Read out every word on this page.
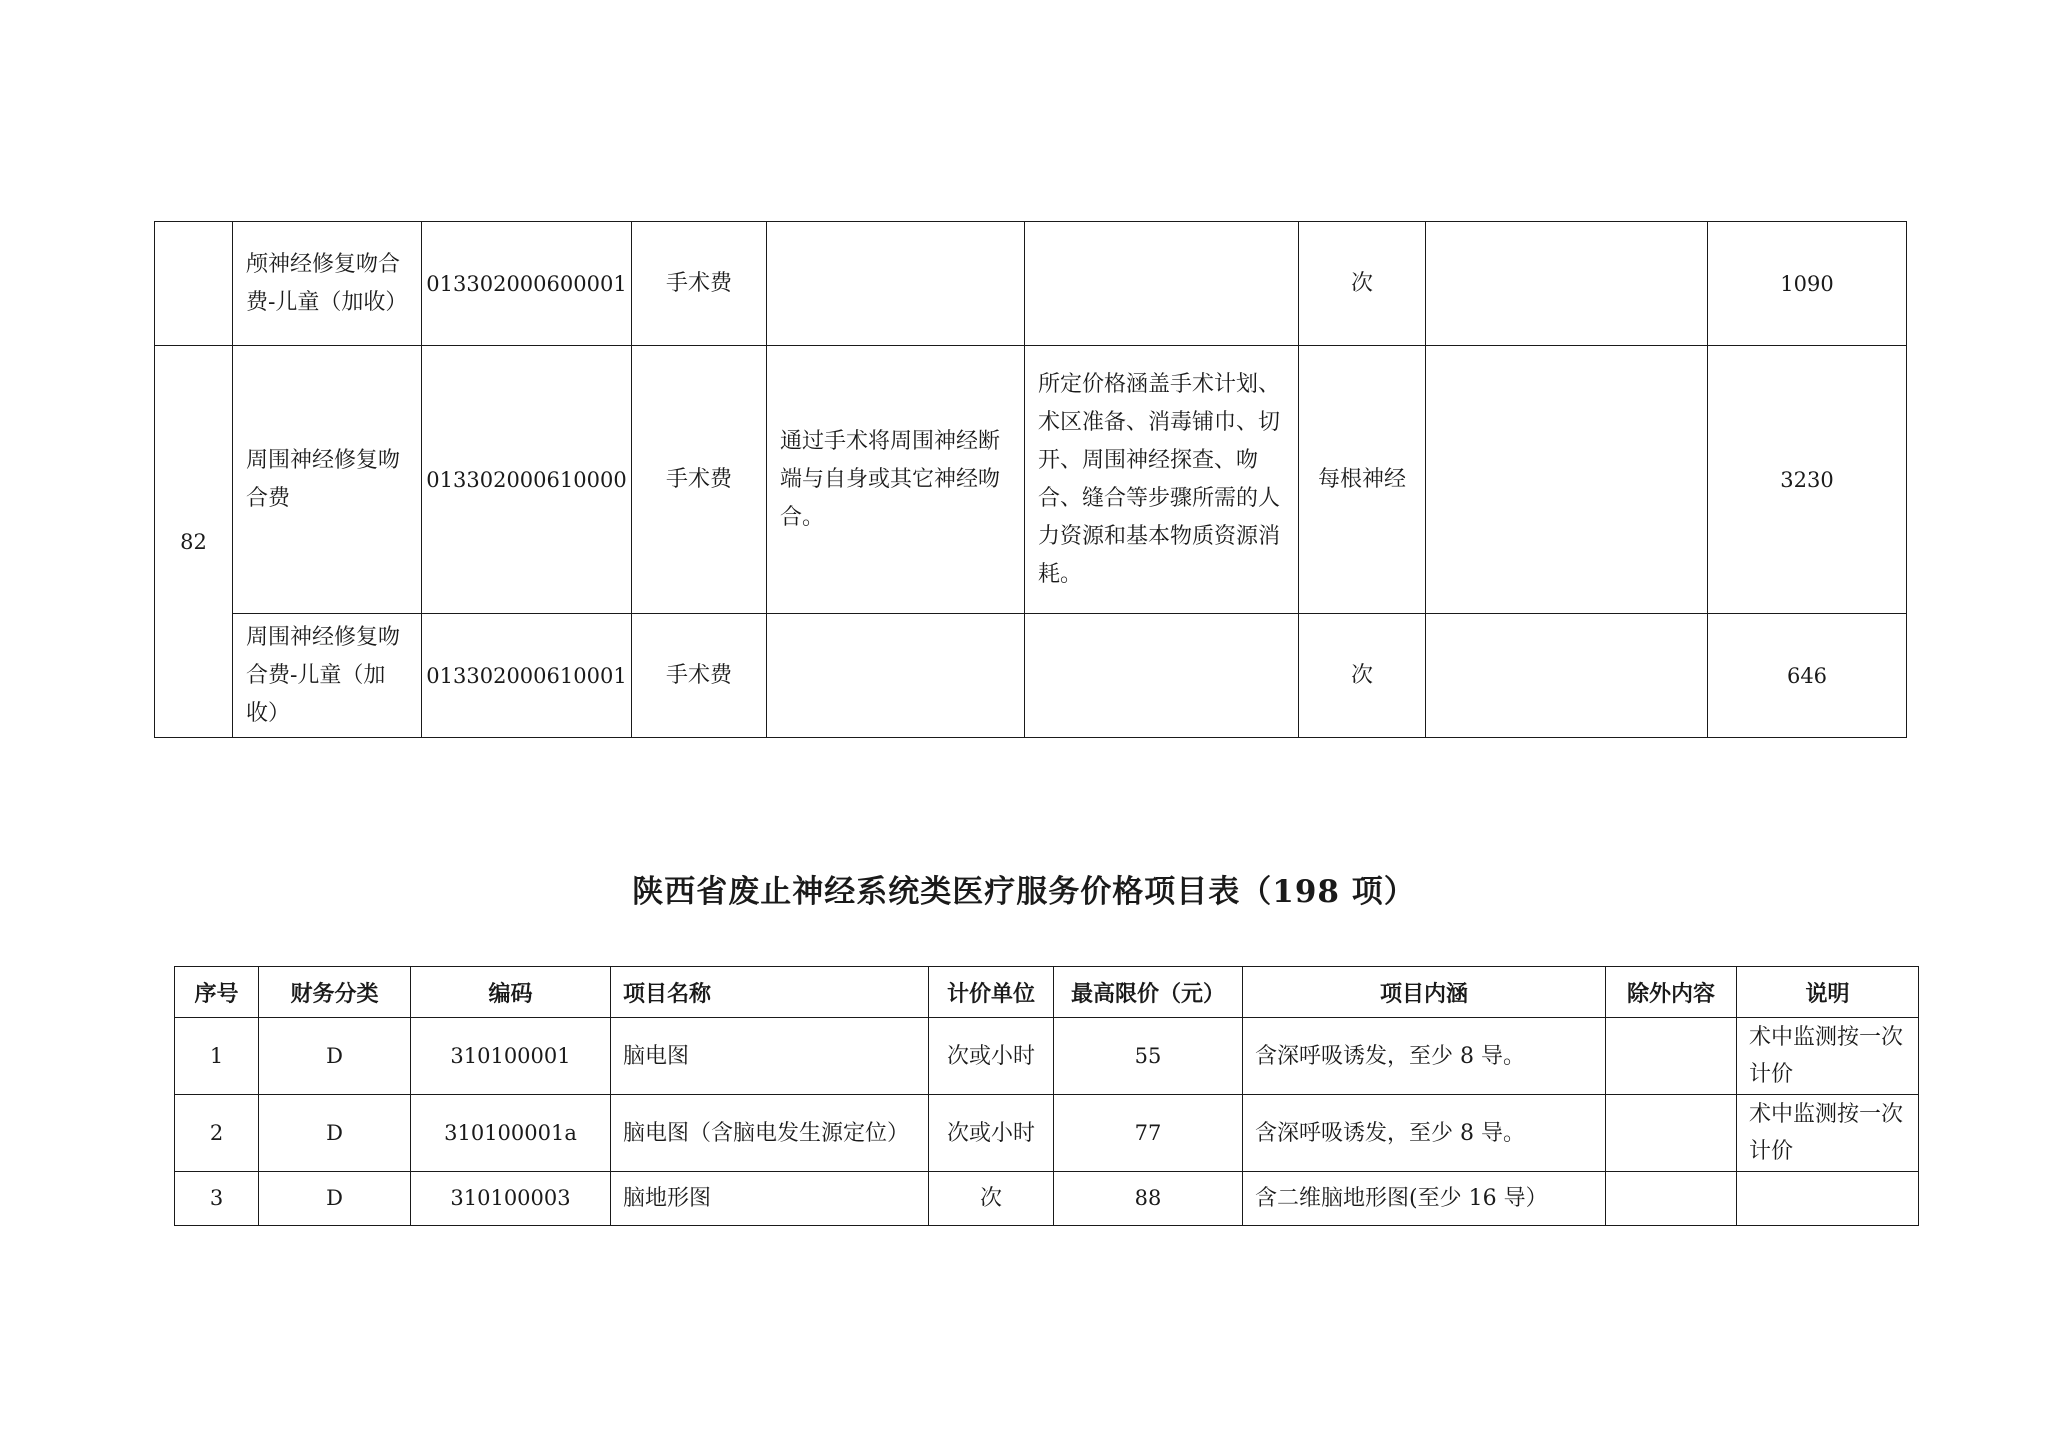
	颅神经修复吻合费-儿童（加收）	013302000600001	手术费			次		1090
82	周围神经修复吻合费	013302000610000	手术费	通过手术将周围神经断端与自身或其它神经吻合。	所定价格涵盖手术计划、术区准备、消毒铺巾、切开、周围神经探查、吻合、缝合等步骤所需的人力资源和基本物质资源消耗。	每根神经		3230
	周围神经修复吻合费-儿童（加收）	013302000610001	手术费			次		646
陕西省废止神经系统类医疗服务价格项目表（198 项）
序号	财务分类	编码	项目名称	计价单位	最高限价（元）	项目内涵	除外内容	说明
1	D	310100001	脑电图	次或小时	55	含深呼吸诱发，至少 8 导。		术中监测按一次计价
2	D	310100001a	脑电图（含脑电发生源定位）	次或小时	77	含深呼吸诱发，至少 8 导。		术中监测按一次计价
3	D	310100003	脑地形图	次	88	含二维脑地形图(至少 16 导）		
